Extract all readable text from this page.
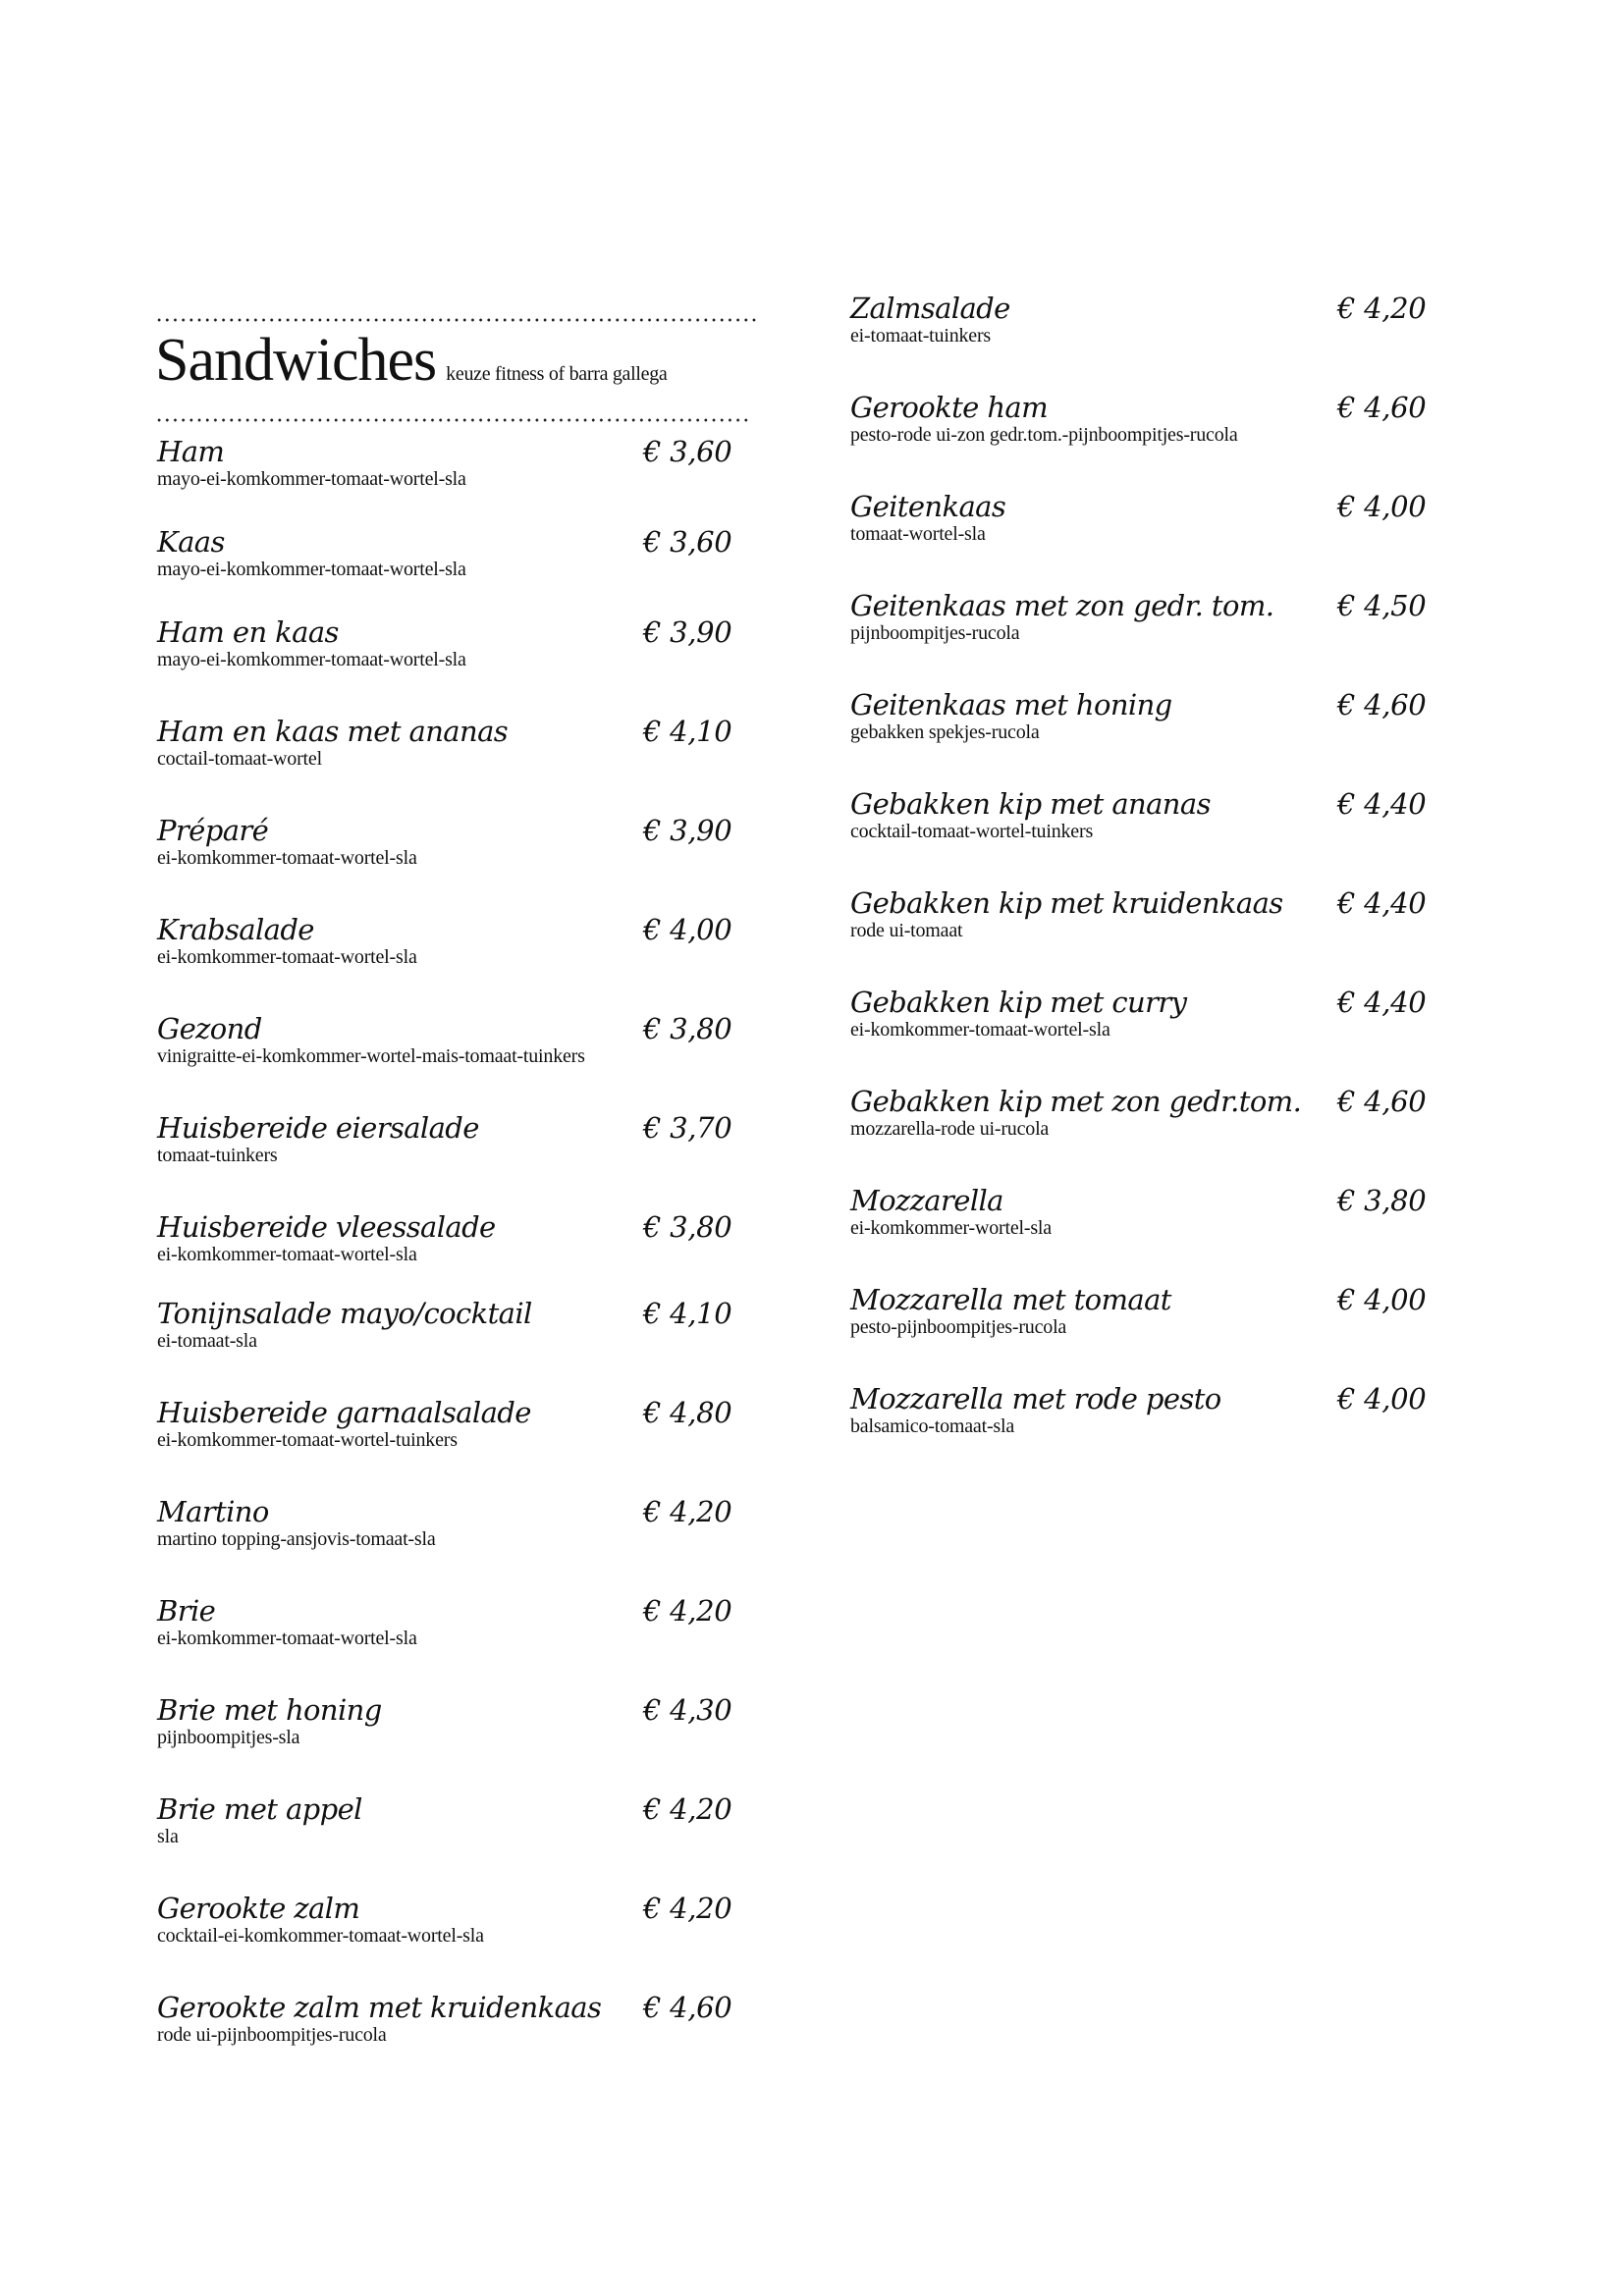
Sandwiches keuze fitness of barra gallega
Ham	€ 3,60
mayo-ei-komkommer-tomaat-wortel-sla
Kaas	€ 3,60
mayo-ei-komkommer-tomaat-wortel-sla
Ham en kaas	€ 3,90
mayo-ei-komkommer-tomaat-wortel-sla
Ham en kaas met ananas	€ 4,10
coctail-tomaat-wortel
Préparé	€ 3,90
ei-komkommer-tomaat-wortel-sla
Krabsalade	€ 4,00
ei-komkommer-tomaat-wortel-sla
Gezond	€ 3,80
vinigraitte-ei-komkommer-wortel-mais-tomaat-tuinkers
Huisbereide eiersalade	€ 3,70
tomaat-tuinkers
Huisbereide vleessalade	€ 3,80
ei-komkommer-tomaat-wortel-sla
Tonijnsalade mayo/cocktail	€ 4,10
ei-tomaat-sla
Huisbereide garnaalsalade	€ 4,80
ei-komkommer-tomaat-wortel-tuinkers
Martino	€ 4,20
martino topping-ansjovis-tomaat-sla
Brie	€ 4,20
ei-komkommer-tomaat-wortel-sla
Brie met honing	€ 4,30
pijnboompitjes-sla
Brie met appel	€ 4,20
sla
Gerookte zalm	€ 4,20
cocktail-ei-komkommer-tomaat-wortel-sla
Gerookte zalm met kruidenkaas € 4,60
rode ui-pijnboompitjes-rucola
Zalmsalade	€ 4,20
ei-tomaat-tuinkers
Gerookte ham	€ 4,60
pesto-rode ui-zon gedr.tom.-pijnboompitjes-rucola
Geitenkaas	€ 4,00
tomaat-wortel-sla
Geitenkaas met zon gedr. tom. € 4,50
pijnboompitjes-rucola
Geitenkaas met honing	€ 4,60
gebakken spekjes-rucola
Gebakken kip met ananas	€ 4,40
cocktail-tomaat-wortel-tuinkers
Gebakken kip met kruidenkaas € 4,40
rode ui-tomaat
Gebakken kip met curry	€ 4,40
ei-komkommer-tomaat-wortel-sla
Gebakken kip met zon gedr.tom. € 4,60
mozzarella-rode ui-rucola
Mozzarella	€ 3,80
ei-komkommer-wortel-sla
Mozzarella met tomaat	€ 4,00
pesto-pijnboompitjes-rucola
Mozzarella met rode pesto	€ 4,00
balsamico-tomaat-sla
